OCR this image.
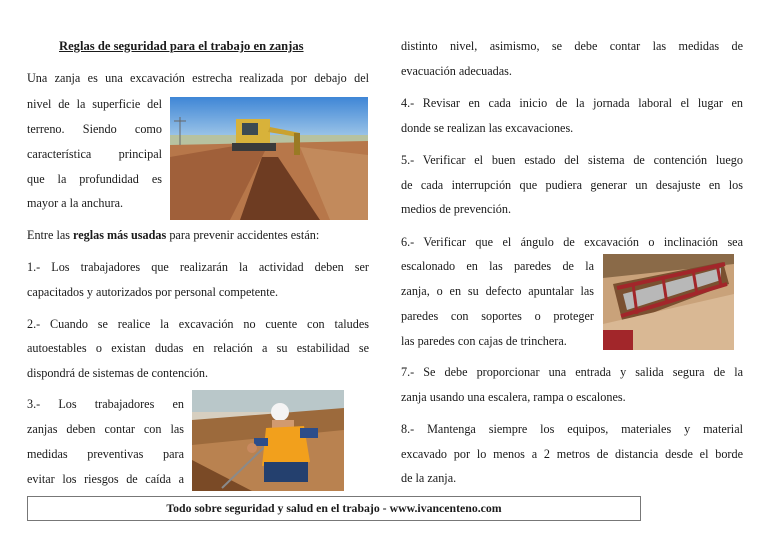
Reglas de seguridad para el trabajo en zanjas
Una zanja es una excavación estrecha realizada por debajo del
nivel de la superficie del
terreno. Siendo como
característica principal
que la profundidad es
mayor a la anchura.
Entre las reglas más usadas para prevenir accidentes están:
1.- Los trabajadores que realizarán la actividad deben ser
capacitados y autorizados por personal competente.
2.- Cuando se realice la excavación no cuente con taludes
autoestables o existan dudas en relación a su estabilidad se
dispondrá de sistemas de contención.
3.- Los trabajadores en
zanjas deben contar con las
medidas preventivas para
evitar los riesgos de caída a
distinto nivel, asimismo, se debe contar las medidas de
evacuación adecuadas.
4.- Revisar en cada inicio de la jornada laboral el lugar en
donde se realizan las excavaciones.
5.- Verificar el buen estado del sistema de contención luego
de cada interrupción que pudiera generar un desajuste en los
medios de prevención.
6.- Verificar que el ángulo de excavación o inclinación sea
escalonado en las paredes de la
zanja, o en su defecto apuntalar las
paredes con soportes o proteger
las paredes con cajas de trinchera.
7.- Se debe proporcionar una entrada y salida segura de la
zanja usando una escalera, rampa o escalones.
8.- Mantenga siempre los equipos, materiales y material
excavado por lo menos a 2 metros de distancia desde el borde
de la zanja.
Todo sobre seguridad y salud en el trabajo - www.ivancenteno.com
